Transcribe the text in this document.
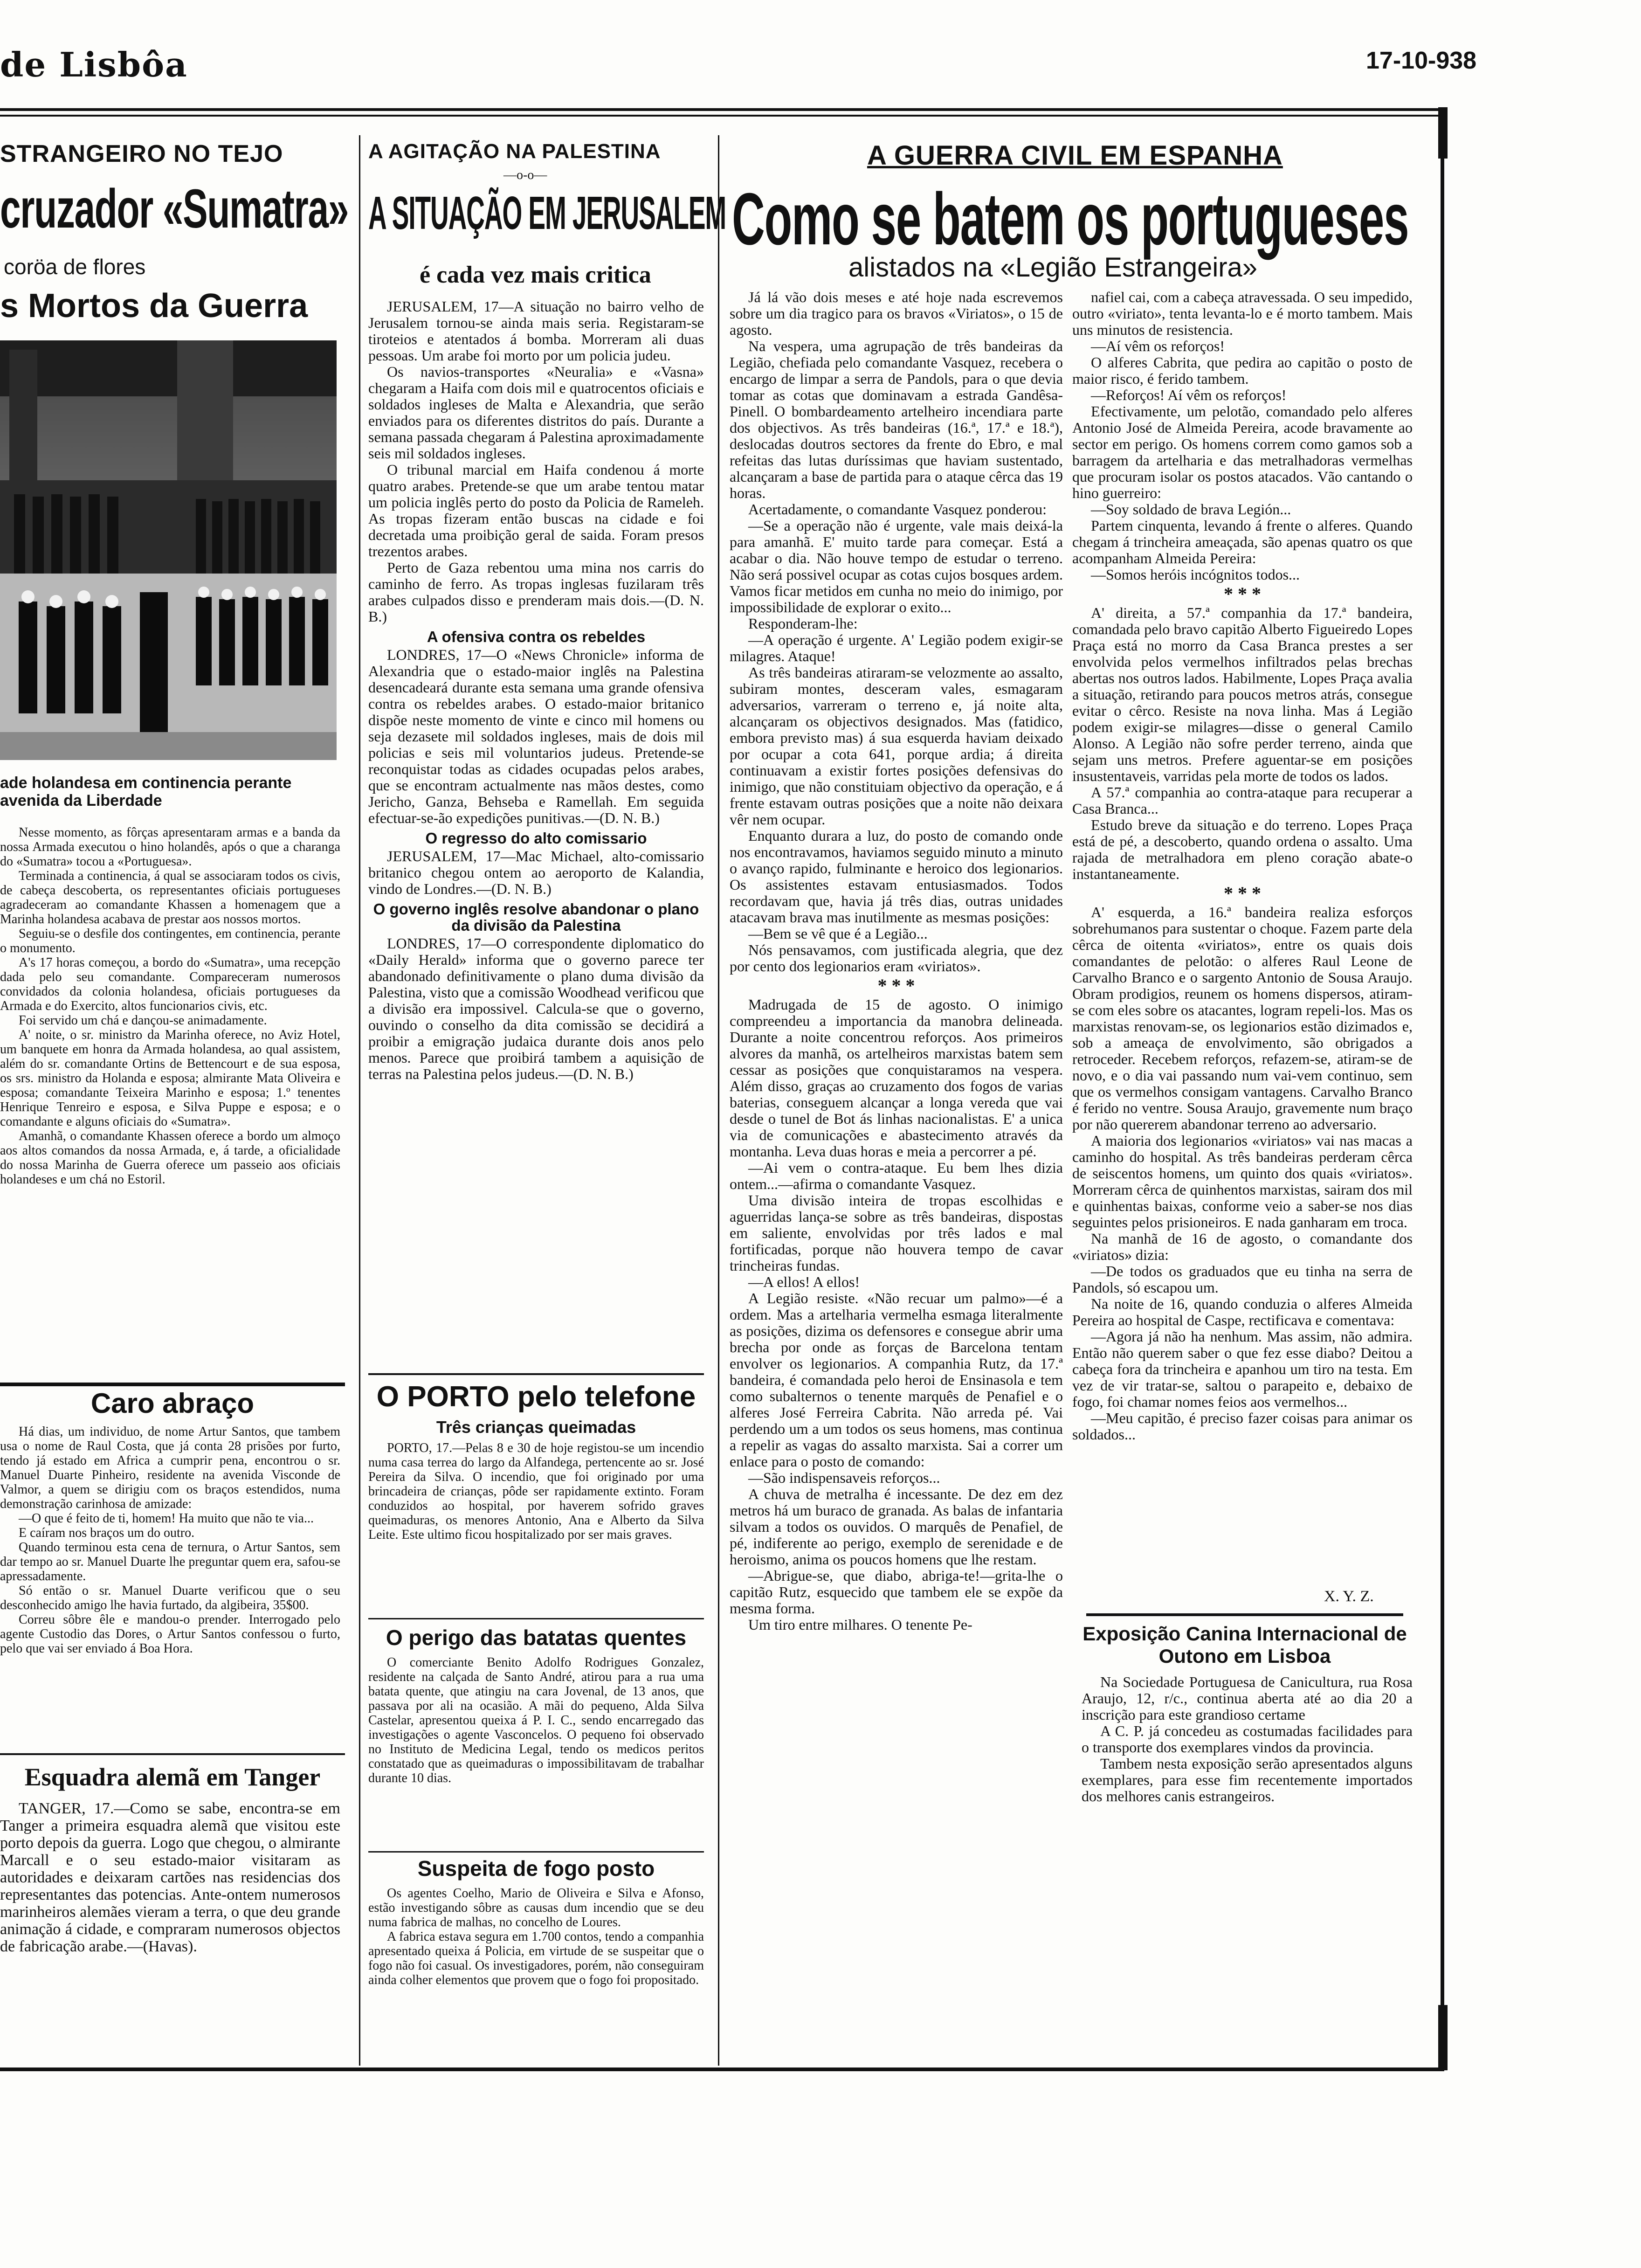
de Lisbôa	17-10-938
STRANGEIRO NO TEJO
cruzador «Sumatra»
coröa de flores
s Mortos da Guerra
ade holandesa em continencia perante avenida da Liberdade

Nesse momento, as fôrças apresentaram armas e a banda da nossa Armada executou o hino holandês, após o que a charanga do «Sumatra» tocou a «Portuguesa».

Terminada a continencia, á qual se associaram todos os civis, de cabeça descoberta, os representantes oficiais portugueses agradeceram ao comandante Khassen a homenagem que a Marinha holandesa acabava de prestar aos nossos mortos.

Seguiu-se o desfile dos contingentes, em continencia, perante o monumento.

A's 17 horas começou, a bordo do «Sumatra», uma recepção dada pelo seu comandante. Compareceram numerosos convidados da colonia holandesa, oficiais portugueses da Armada e do Exercito, altos funcionarios civis, etc.

Foi servido um chá e dançou-se animadamente.

A' noite, o sr. ministro da Marinha oferece, no Aviz Hotel, um banquete em honra da Armada holandesa, ao qual assistem, além do sr. comandante Ortins de Bettencourt e de sua esposa, os srs. ministro da Holanda e esposa; almirante Mata Oliveira e esposa; comandante Teixeira Marinho e esposa; 1.º tenentes Henrique Tenreiro e esposa, e Silva Puppe e esposa; e o comandante e alguns oficiais do «Sumatra».

Amanhã, o comandante Khassen oferece a bordo um almoço aos altos comandos da nossa Armada, e, á tarde, a oficialidade do nossa Marinha de Guerra oferece um passeio aos oficiais holandeses e um chá no Estoril.

Caro abraço

Há dias, um individuo, de nome Artur Santos, que tambem usa o nome de Raul Costa, que já conta 28 prisões por furto, tendo já estado em Africa a cumprir pena, encontrou o sr. Manuel Duarte Pinheiro, residente na avenida Visconde de Valmor, a quem se dirigiu com os braços estendidos, numa demonstração carinhosa de amizade:

—O que é feito de ti, homem! Ha muito que não te via...

E caíram nos braços um do outro.

Quando terminou esta cena de ternura, o Artur Santos, sem dar tempo ao sr. Manuel Duarte lhe preguntar quem era, safou-se apressadamente.

Só então o sr. Manuel Duarte verificou que o seu desconhecido amigo lhe havia furtado, da algibeira, 35$00.

Correu sôbre êle e mandou-o prender. Interrogado pelo agente Custodio das Dores, o Artur Santos confessou o furto, pelo que vai ser enviado á Boa Hora.

Esquadra alemã em Tanger

TANGER, 17.—Como se sabe, encontra-se em Tanger a primeira esquadra alemã que visitou este porto depois da guerra. Logo que chegou, o almirante Marcall e o seu estado-maior visitaram as autoridades e deixaram cartões nas residencias dos representantes das potencias. Ante-ontem numerosos marinheiros alemães vieram a terra, o que deu grande animação á cidade, e compraram numerosos objectos de fabricação arabe.—(Havas).

A AGITAÇÃO NA PALESTINA
—o-o—
A SITUAÇÃO EM JERUSALEM
é cada vez mais critica

JERUSALEM, 17—A situação no bairro velho de Jerusalem tornou-se ainda mais seria. Registaram-se tiroteios e atentados á bomba. Morreram ali duas pessoas. Um arabe foi morto por um policia judeu.

Os navios-transportes «Neuralia» e «Vasna» chegaram a Haifa com dois mil e quatrocentos oficiais e soldados ingleses de Malta e Alexandria, que serão enviados para os diferentes distritos do país. Durante a semana passada chegaram á Palestina aproximadamente seis mil soldados ingleses.

O tribunal marcial em Haifa condenou á morte quatro arabes. Pretende-se que um arabe tentou matar um policia inglês perto do posto da Policia de Rameleh. As tropas fizeram então buscas na cidade e foi decretada uma proibição geral de saida. Foram presos trezentos arabes.

Perto de Gaza rebentou uma mina nos carris do caminho de ferro. As tropas inglesas fuzilaram três arabes culpados disso e prenderam mais dois.—(D. N. B.)

A ofensiva contra os rebeldes

LONDRES, 17—O «News Chronicle» informa de Alexandria que o estado-maior inglês na Palestina desencadeará durante esta semana uma grande ofensiva contra os rebeldes arabes. O estado-maior britanico dispõe neste momento de vinte e cinco mil homens ou seja dezasete mil soldados ingleses, mais de dois mil policias e seis mil voluntarios judeus. Pretende-se reconquistar todas as cidades ocupadas pelos arabes, que se encontram actualmente nas mãos destes, como Jericho, Ganza, Behseba e Ramellah. Em seguida efectuar-se-ão expedições punitivas.—(D. N. B.)

O regresso do alto comissario

JERUSALEM, 17—Mac Michael, alto-comissario britanico chegou ontem ao aeroporto de Kalandia, vindo de Londres.—(D. N. B.)

O governo inglês resolve abandonar o plano da divisão da Palestina

LONDRES, 17—O correspondente diplomatico do «Daily Herald» informa que o governo parece ter abandonado definitivamente o plano duma divisão da Palestina, visto que a comissão Woodhead verificou que a divisão era impossivel. Calcula-se que o governo, ouvindo o conselho da dita comissão se decidirá a proibir a emigração judaica durante dois anos pelo menos. Parece que proibirá tambem a aquisição de terras na Palestina pelos judeus.—(D. N. B.)

O PORTO pelo telefone
Três crianças queimadas

PORTO, 17.—Pelas 8 e 30 de hoje registou-se um incendio numa casa terrea do largo da Alfandega, pertencente ao sr. José Pereira da Silva. O incendio, que foi originado por uma brincadeira de crianças, pôde ser rapidamente extinto. Foram conduzidos ao hospital, por haverem sofrido graves queimaduras, os menores Antonio, Ana e Alberto da Silva Leite. Este ultimo ficou hospitalizado por ser mais graves.

O perigo das batatas quentes

O comerciante Benito Adolfo Rodrigues Gonzalez, residente na calçada de Santo André, atirou para a rua uma batata quente, que atingiu na cara Jovenal, de 13 anos, que passava por ali na ocasião. A mãi do pequeno, Alda Silva Castelar, apresentou queixa á P. I. C., sendo encarregado das investigações o agente Vasconcelos. O pequeno foi observado no Instituto de Medicina Legal, tendo os medicos peritos constatado que as queimaduras o impossibilitavam de trabalhar durante 10 dias.

Suspeita de fogo posto

Os agentes Coelho, Mario de Oliveira e Silva e Afonso, estão investigando sôbre as causas dum incendio que se deu numa fabrica de malhas, no concelho de Loures.

A fabrica estava segura em 1.700 contos, tendo a companhia apresentado queixa á Policia, em virtude de se suspeitar que o fogo não foi casual. Os investigadores, porém, não conseguiram ainda colher elementos que provem que o fogo foi propositado.

A GUERRA CIVIL EM ESPANHA
Como se batem os portugueses
alistados na «Legião Estrangeira»

Já lá vão dois meses e até hoje nada escrevemos sobre um dia tragico para os bravos «Viriatos», o 15 de agosto.

Na vespera, uma agrupação de três bandeiras da Legião, chefiada pelo comandante Vasquez, recebera o encargo de limpar a serra de Pandols, para o que devia tomar as cotas que dominavam a estrada Gandêsa-Pinell. O bombardeamento artelheiro incendiara parte dos objectivos. As três bandeiras (16.ª, 17.ª e 18.ª), deslocadas doutros sectores da frente do Ebro, e mal refeitas das lutas duríssimas que haviam sustentado, alcançaram a base de partida para o ataque cêrca das 19 horas.

Acertadamente, o comandante Vasquez ponderou:

—Se a operação não é urgente, vale mais deixá-la para amanhã. E' muito tarde para começar. Está a acabar o dia. Não houve tempo de estudar o terreno. Não será possivel ocupar as cotas cujos bosques ardem. Vamos ficar metidos em cunha no meio do inimigo, por impossibilidade de explorar o exito...

Responderam-lhe:

—A operação é urgente. A' Legião podem exigir-se milagres. Ataque!

As três bandeiras atiraram-se velozmente ao assalto, subiram montes, desceram vales, esmagaram adversarios, varreram o terreno e, já noite alta, alcançaram os objectivos designados. Mas (fatidico, embora previsto mas) á sua esquerda haviam deixado por ocupar a cota 641, porque ardia; á direita continuavam a existir fortes posições defensivas do inimigo, que não constituiam objectivo da operação, e á frente estavam outras posições que a noite não deixara vêr nem ocupar.

Enquanto durara a luz, do posto de comando onde nos encontravamos, haviamos seguido minuto a minuto o avanço rapido, fulminante e heroico dos legionarios. Os assistentes estavam entusiasmados. Todos recordavam que, havia já três dias, outras unidades atacavam brava mas inutilmente as mesmas posições:

—Bem se vê que é a Legião...

Nós pensavamos, com justificada alegria, que dez por cento dos legionarios eram «viriatos».

* * *

Madrugada de 15 de agosto. O inimigo compreendeu a importancia da manobra delineada. Durante a noite concentrou reforços. Aos primeiros alvores da manhã, os artelheiros marxistas batem sem cessar as posições que conquistaramos na vespera. Além disso, graças ao cruzamento dos fogos de varias baterias, conseguem alcançar a longa vereda que vai desde o tunel de Bot ás linhas nacionalistas. E' a unica via de comunicações e abastecimento através da montanha. Leva duas horas e meia a percorrer a pé.

—Ai vem o contra-ataque. Eu bem lhes dizia ontem...—afirma o comandante Vasquez.

Uma divisão inteira de tropas escolhidas e aguerridas lança-se sobre as três bandeiras, dispostas em saliente, envolvidas por três lados e mal fortificadas, porque não houvera tempo de cavar trincheiras fundas.

—A ellos! A ellos!

A Legião resiste. «Não recuar um palmo»—é a ordem. Mas a artelharia vermelha esmaga literalmente as posições, dizima os defensores e consegue abrir uma brecha por onde as forças de Barcelona tentam envolver os legionarios. A companhia Rutz, da 17.ª bandeira, é comandada pelo heroi de Ensinasola e tem como subalternos o tenente marquês de Penafiel e o alferes José Ferreira Cabrita. Não arreda pé. Vai perdendo um a um todos os seus homens, mas continua a repelir as vagas do assalto marxista. Sai a correr um enlace para o posto de comando:

—São indispensaveis reforços...

A chuva de metralha é incessante. De dez em dez metros há um buraco de granada. As balas de infantaria silvam a todos os ouvidos. O marquês de Penafiel, de pé, indiferente ao perigo, exemplo de serenidade e de heroismo, anima os poucos homens que lhe restam.

—Abrigue-se, que diabo, abriga-te!—grita-lhe o capitão Rutz, esquecido que tambem ele se expõe da mesma forma.

Um tiro entre milhares. O tenente Pe-

nafiel cai, com a cabeça atravessada. O seu impedido, outro «viriato», tenta levanta-lo e é morto tambem. Mais uns minutos de resistencia.

—Aí vêm os reforços!

O alferes Cabrita, que pedira ao capitão o posto de maior risco, é ferido tambem.

—Reforços! Aí vêm os reforços!

Efectivamente, um pelotão, comandado pelo alferes Antonio José de Almeida Pereira, acode bravamente ao sector em perigo. Os homens correm como gamos sob a barragem da artelharia e das metralhadoras vermelhas que procuram isolar os postos atacados. Vão cantando o hino guerreiro:

—Soy soldado de brava Legión...

Partem cinquenta, levando á frente o alferes. Quando chegam á trincheira ameaçada, são apenas quatro os que acompanham Almeida Pereira:

—Somos heróis incógnitos todos...

* * *

A' direita, a 57.ª companhia da 17.ª bandeira, comandada pelo bravo capitão Alberto Figueiredo Lopes Praça está no morro da Casa Branca prestes a ser envolvida pelos vermelhos infiltrados pelas brechas abertas nos outros lados. Habilmente, Lopes Praça avalia a situação, retirando para poucos metros atrás, consegue evitar o cêrco. Resiste na nova linha. Mas á Legião podem exigir-se milagres—disse o general Camilo Alonso. A Legião não sofre perder terreno, ainda que sejam uns metros. Prefere aguentar-se em posições insustentaveis, varridas pela morte de todos os lados.

A 57.ª companhia ao contra-ataque para recuperar a Casa Branca...

Estudo breve da situação e do terreno. Lopes Praça está de pé, a descoberto, quando ordena o assalto. Uma rajada de metralhadora em pleno coração abate-o instantaneamente.

* * *

A' esquerda, a 16.ª bandeira realiza esforços sobrehumanos para sustentar o choque. Fazem parte dela cêrca de oitenta «viriatos», entre os quais dois comandantes de pelotão: o alferes Raul Leone de Carvalho Branco e o sargento Antonio de Sousa Araujo. Obram prodigios, reunem os homens dispersos, atiram-se com eles sobre os atacantes, logram repeli-los. Mas os marxistas renovam-se, os legionarios estão dizimados e, sob a ameaça de envolvimento, são obrigados a retroceder. Recebem reforços, refazem-se, atiram-se de novo, e o dia vai passando num vai-vem continuo, sem que os vermelhos consigam vantagens. Carvalho Branco é ferido no ventre. Sousa Araujo, gravemente num braço por não quererem abandonar terreno ao adversario.

A maioria dos legionarios «viriatos» vai nas macas a caminho do hospital. As três bandeiras perderam cêrca de seiscentos homens, um quinto dos quais «viriatos». Morreram cêrca de quinhentos marxistas, sairam dos mil e quinhentas baixas, conforme veio a saber-se nos dias seguintes pelos prisioneiros. E nada ganharam em troca.

Na manhã de 16 de agosto, o comandante dos «viriatos» dizia:

—De todos os graduados que eu tinha na serra de Pandols, só escapou um.

Na noite de 16, quando conduzia o alferes Almeida Pereira ao hospital de Caspe, rectificava e comentava:

—Agora já não ha nenhum. Mas assim, não admira. Então não querem saber o que fez esse diabo? Deitou a cabeça fora da trincheira e apanhou um tiro na testa. Em vez de vir tratar-se, saltou o parapeito e, debaixo de fogo, foi chamar nomes feios aos vermelhos...

—Meu capitão, é preciso fazer coisas para animar os soldados...

X. Y. Z.
Exposição Canina Internacional de Outono em Lisboa

Na Sociedade Portuguesa de Canicultura, rua Rosa Araujo, 12, r/c., continua aberta até ao dia 20 a inscrição para este grandioso certame

A C. P. já concedeu as costumadas facilidades para o transporte dos exemplares vindos da provincia.

Tambem nesta exposição serão apresentados alguns exemplares, para esse fim recentemente importados dos melhores canis estrangeiros.
